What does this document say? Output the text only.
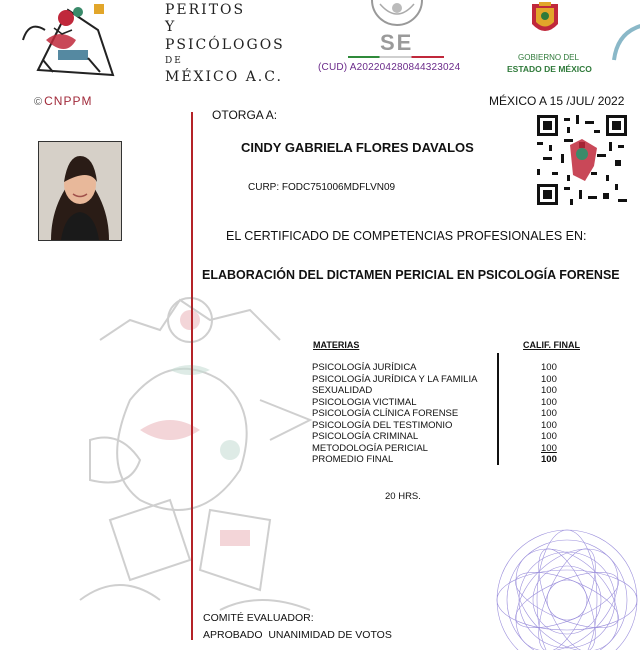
PERITOS
Y
PSICÓLOGOS
DE
MÉXICO A.C.
©CNPPM
SE
(CUD) A202204280844323024
GOBIERNO DEL
ESTADO DE MÉXICO
MÉXICO A 15 /JUL/ 2022
OTORGA A:
CINDY GABRIELA FLORES DAVALOS
CURP: FODC751006MDFLVN09
EL CERTIFICADO DE COMPETENCIAS PROFESIONALES EN:
ELABORACIÓN DEL DICTAMEN PERICIAL EN PSICOLOGÍA FORENSE
MATERIAS	CALIF. FINAL
PSICOLOGÍA JURÍDICA
PSICOLOGÍA JURÍDICA Y LA FAMILIA
SEXUALIDAD
PSICOLOGIA VICTIMAL
PSICOLOGÍA CLÍNICA FORENSE
PSICOLOGÍA DEL TESTIMONIO
PSICOLOGÍA CRIMINAL
METODOLOGÍA PERICIAL
PROMEDIO FINAL
100
100
100
100
100
100
100
100
100
20 HRS.
COMITÉ EVALUADOR:
APROBADO  UNANIMIDAD DE VOTOS
